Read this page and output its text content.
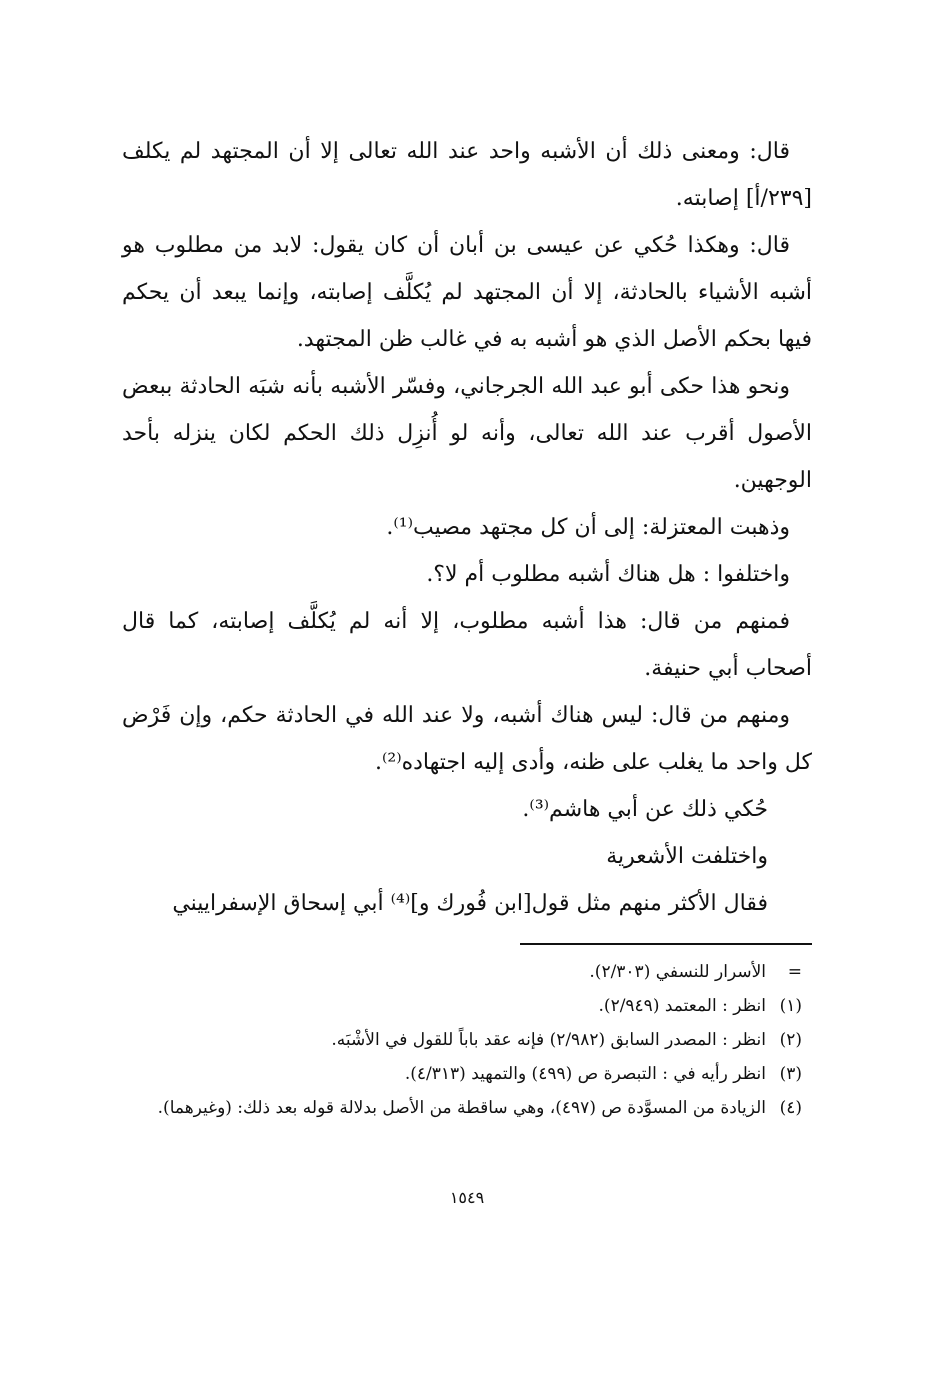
قال: ومعنى ذلك أن الأشبه واحد عند الله تعالى إلا أن المجتهد لم يكلف [٢٣٩/أ] إصابته.

قال: وهكذا حُكي عن عيسى بن أبان أن كان يقول: لابد من مطلوب هو أشبه الأشياء بالحادثة، إلا أن المجتهد لم يُكلَّف إصابته، وإنما يبعد أن يحكم فيها بحكم الأصل الذي هو أشبه به في غالب ظن المجتهد.

ونحو هذا حكى أبو عبد الله الجرجاني، وفسّر الأشبه بأنه شبَه الحادثة ببعض الأصول أقرب عند الله تعالى، وأنه لو أُنزِل ذلك الحكم لكان ينزله بأحد الوجهين.

وذهبت المعتزلة: إلى أن كل مجتهد مصيب⁽¹⁾.

واختلفوا : هل هناك أشبه مطلوب أم لا؟.

فمنهم من قال: هذا أشبه مطلوب، إلا أنه لم يُكلَّف إصابته، كما قال أصحاب أبي حنيفة.

ومنهم من قال: ليس هناك أشبه، ولا عند الله في الحادثة حكم، وإن فَرْض كل واحد ما يغلب على ظنه، وأدى إليه اجتهاده⁽²⁾.

حُكي ذلك عن أبي هاشم⁽³⁾.

واختلفت الأشعرية

فقال الأكثر منهم مثل قول[ابن فُورك و]⁽⁴⁾ أبي إسحاق الإسفراييني

=
الأسرار للنسفي (٢/٣٠٣).
(١)
انظر : المعتمد (٢/٩٤٩).
(٢)
انظر : المصدر السابق (٢/٩٨٢) فإنه عقد باباً للقول في الأشْبَه.
(٣)
انظر رأيه في : التبصرة ص (٤٩٩) والتمهيد (٤/٣١٣).
(٤)
الزيادة من المسوَّدة ص (٤٩٧)، وهي ساقطة من الأصل بدلالة قوله بعد ذلك: (وغيرهما).
١٥٤٩
